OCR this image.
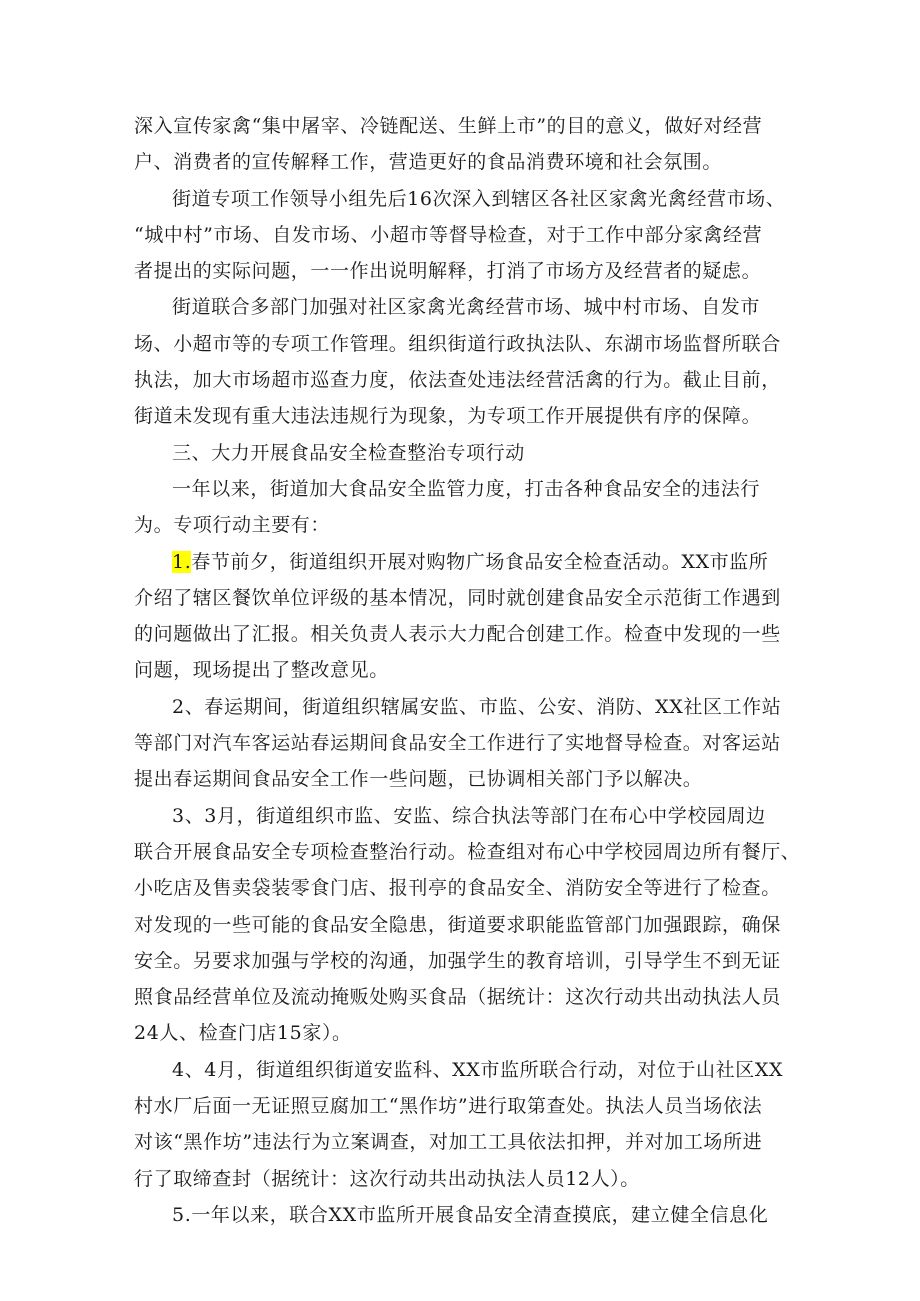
深入宣传家禽“集中屠宰、冷链配送、生鲜上市”的目的意义，做好对经营
户、消费者的宣传解释工作，营造更好的食品消费环境和社会氛围。
街道专项工作领导小组先后16次深入到辖区各社区家禽光禽经营市场、
“城中村”市场、自发市场、小超市等督导检查，对于工作中部分家禽经营
者提出的实际问题，一一作出说明解释，打消了市场方及经营者的疑虑。
街道联合多部门加强对社区家禽光禽经营市场、城中村市场、自发市
场、小超市等的专项工作管理。组织街道行政执法队、东湖市场监督所联合
执法，加大市场超市巡查力度，依法查处违法经营活禽的行为。截止目前，
街道未发现有重大违法违规行为现象，为专项工作开展提供有序的保障。
三、大力开展食品安全检查整治专项行动
一年以来，街道加大食品安全监管力度，打击各种食品安全的违法行
为。专项行动主要有：
1.春节前夕，街道组织开展对购物广场食品安全检查活动。XX市监所
介绍了辖区餐饮单位评级的基本情况，同时就创建食品安全示范街工作遇到
的问题做出了汇报。相关负责人表示大力配合创建工作。检查中发现的一些
问题，现场提出了整改意见。
2、春运期间，街道组织辖属安监、市监、公安、消防、XX社区工作站
等部门对汽车客运站春运期间食品安全工作进行了实地督导检查。对客运站
提出春运期间食品安全工作一些问题，已协调相关部门予以解决。
3、3月，街道组织市监、安监、综合执法等部门在布心中学校园周边
联合开展食品安全专项检查整治行动。检查组对布心中学校园周边所有餐厅、
小吃店及售卖袋装零食门店、报刊亭的食品安全、消防安全等进行了检查。
对发现的一些可能的食品安全隐患，街道要求职能监管部门加强跟踪，确保
安全。另要求加强与学校的沟通，加强学生的教育培训，引导学生不到无证
照食品经营单位及流动掩贩处购买食品（据统计：这次行动共出动执法人员
24人、检查门店15家）。
4、4月，街道组织街道安监科、XX市监所联合行动，对位于山社区XX
村水厂后面一无证照豆腐加工“黑作坊”进行取第查处。执法人员当场依法
对该“黑作坊”违法行为立案调查，对加工工具依法扣押，并对加工场所进
行了取缔查封（据统计：这次行动共出动执法人员12人）。
5.一年以来，联合XX市监所开展食品安全清查摸底，建立健全信息化
